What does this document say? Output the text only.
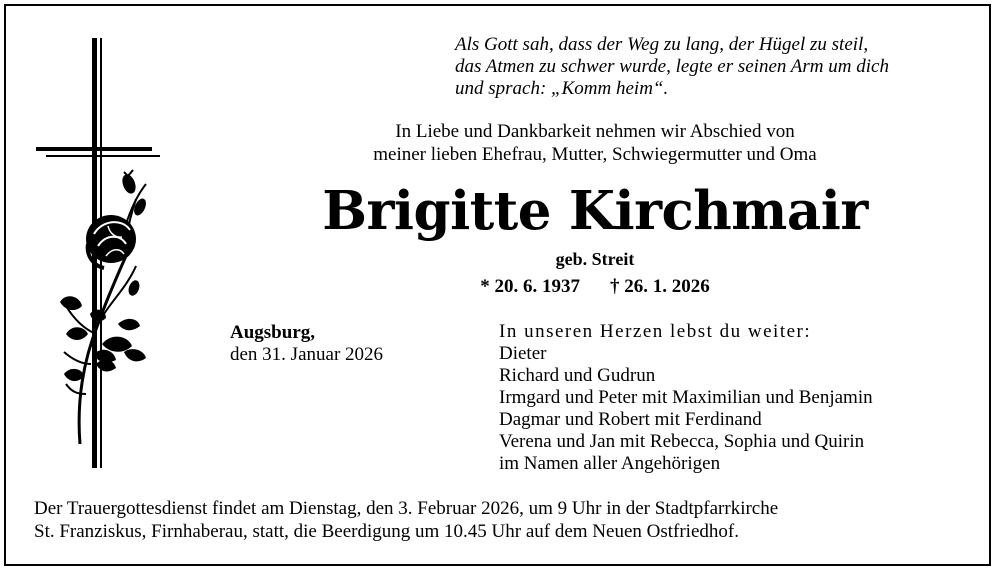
Als Gott sah, dass der Weg zu lang, der Hügel zu steil,
das Atmen zu schwer wurde, legte er seinen Arm um dich
und sprach: „Komm heim“.
In Liebe und Dankbarkeit nehmen wir Abschied von
meiner lieben Ehefrau, Mutter, Schwiegermutter und Oma
Brigitte Kirchmair
geb. Streit
* 20. 6. 1937 † 26. 1. 2026
Augsburg,
den 31. Januar 2026
In unseren Herzen lebst du weiter:
Dieter
Richard und Gudrun
Irmgard und Peter mit Maximilian und Benjamin
Dagmar und Robert mit Ferdinand
Verena und Jan mit Rebecca, Sophia und Quirin
im Namen aller Angehörigen
Der Trauergottesdienst findet am Dienstag, den 3. Februar 2026, um 9 Uhr in der Stadtpfarrkirche
St. Franziskus, Firnhaberau, statt, die Beerdigung um 10.45 Uhr auf dem Neuen Ostfriedhof.
